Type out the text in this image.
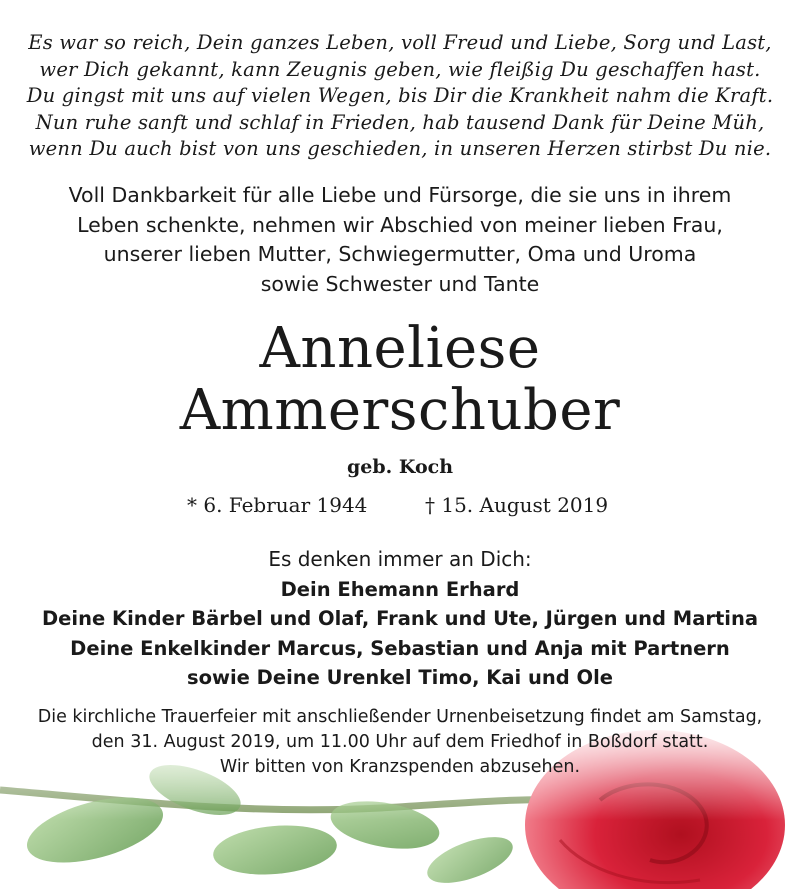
Es war so reich, Dein ganzes Leben, voll Freud und Liebe, Sorg und Last,
wer Dich gekannt, kann Zeugnis geben, wie fleißig Du geschaffen hast.
Du gingst mit uns auf vielen Wegen, bis Dir die Krankheit nahm die Kraft.
Nun ruhe sanft und schlaf in Frieden, hab tausend Dank für Deine Müh,
wenn Du auch bist von uns geschieden, in unseren Herzen stirbst Du nie.
Voll Dankbarkeit für alle Liebe und Fürsorge, die sie uns in ihrem
Leben schenkte, nehmen wir Abschied von meiner lieben Frau,
unserer lieben Mutter, Schwiegermutter, Oma und Uroma
sowie Schwester und Tante
Anneliese
Ammerschuber
geb. Koch
* 6. Februar 1944	† 15. August 2019
Es denken immer an Dich:
Dein Ehemann Erhard
Deine Kinder Bärbel und Olaf, Frank und Ute, Jürgen und Martina
Deine Enkelkinder Marcus, Sebastian und Anja mit Partnern
sowie Deine Urenkel Timo, Kai und Ole
Die kirchliche Trauerfeier mit anschließender Urnenbeisetzung findet am Samstag,
den 31. August 2019, um 11.00 Uhr auf dem Friedhof in Boßdorf statt.
Wir bitten von Kranzspenden abzusehen.
